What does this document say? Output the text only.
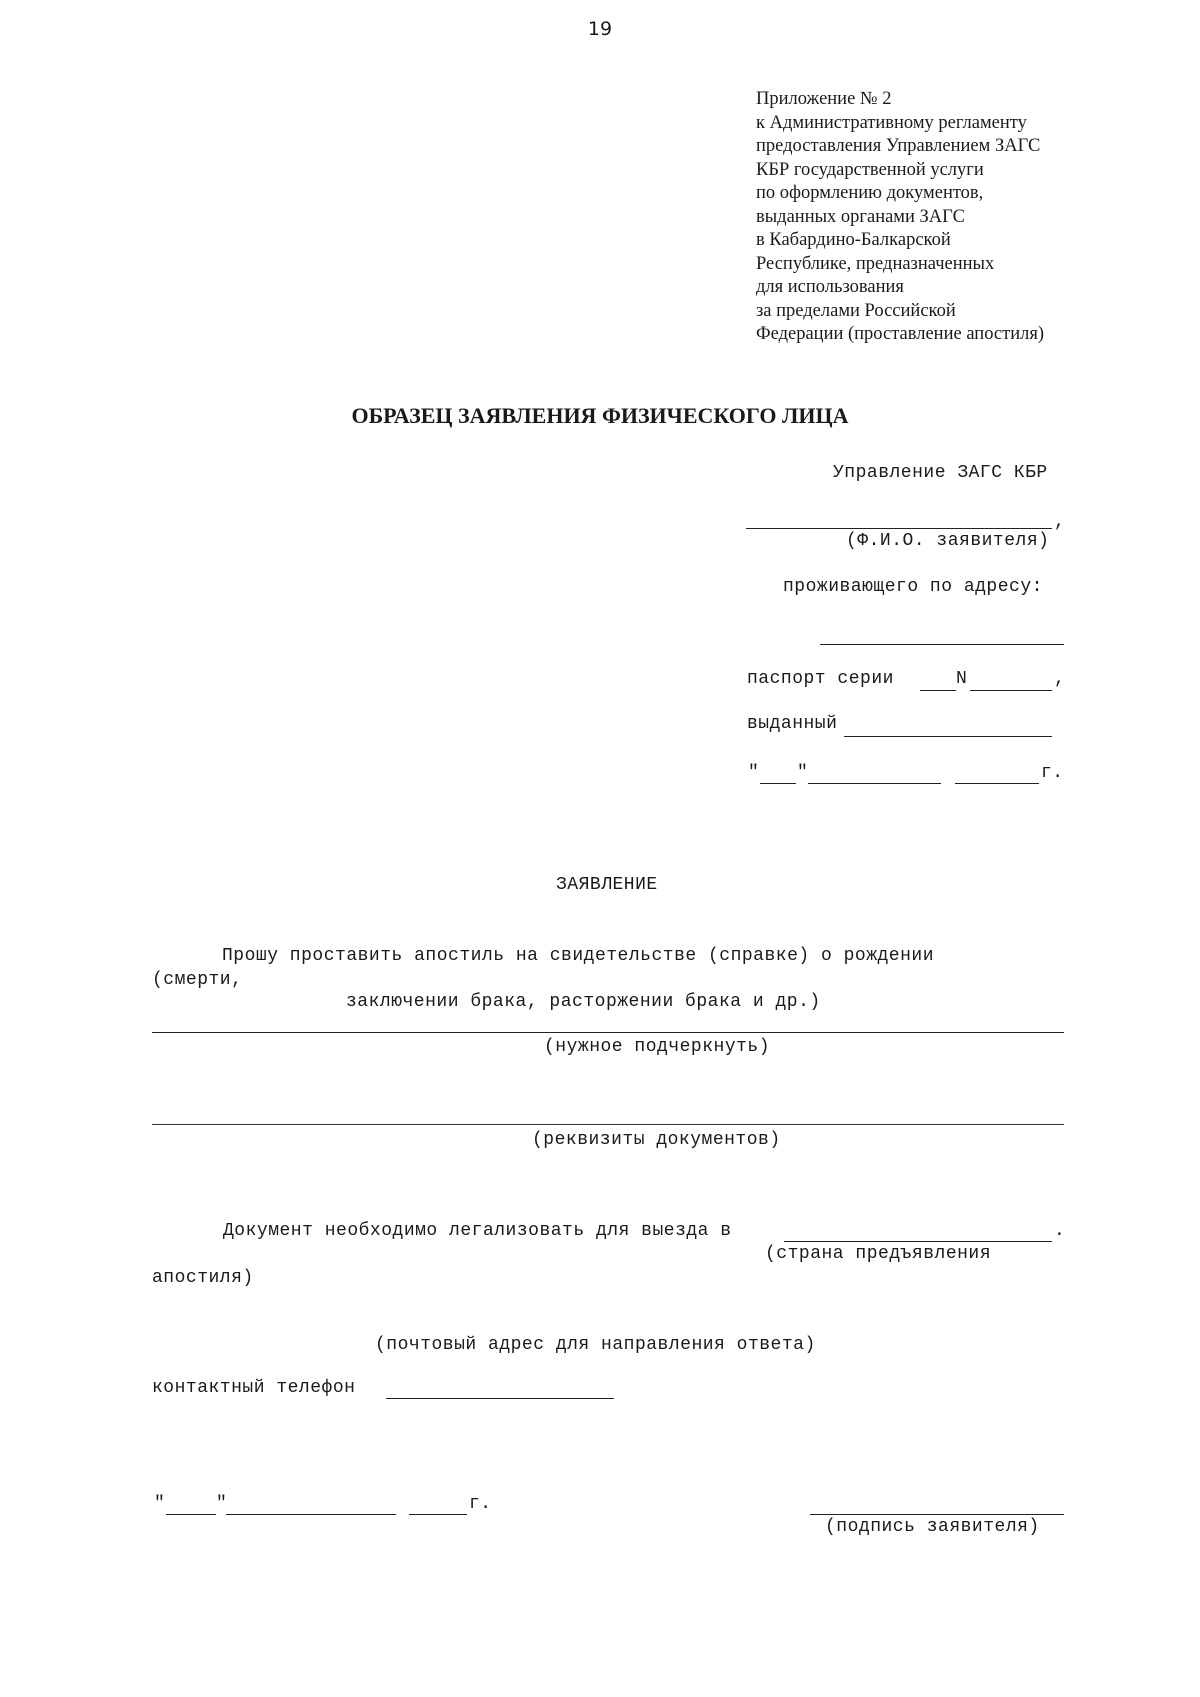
19
Приложение № 2
к Административному регламенту
предоставления Управлением ЗАГС
КБР государственной услуги
по оформлению документов,
выданных органами ЗАГС
в Кабардино-Балкарской
Республике, предназначенных
для использования
за пределами Российской
Федерации (проставление апостиля)
ОБРАЗЕЦ ЗАЯВЛЕНИЯ ФИЗИЧЕСКОГО ЛИЦА
Управление ЗАГС КБР
,
(Ф.И.О. заявителя)
проживающего по адресу:
паспорт серии	N	,
выданный
" "	г.
ЗАЯВЛЕНИЕ
Прошу проставить апостиль на свидетельстве (справке) о рождении
(смерти,
заключении брака, расторжении брака и др.)
(нужное подчеркнуть)
(реквизиты документов)
Документ необходимо легализовать для выезда в	.
(страна предъявления
апостиля)
(почтовый адрес для направления ответа)
контактный телефон
"	"	г.
(подпись заявителя)
